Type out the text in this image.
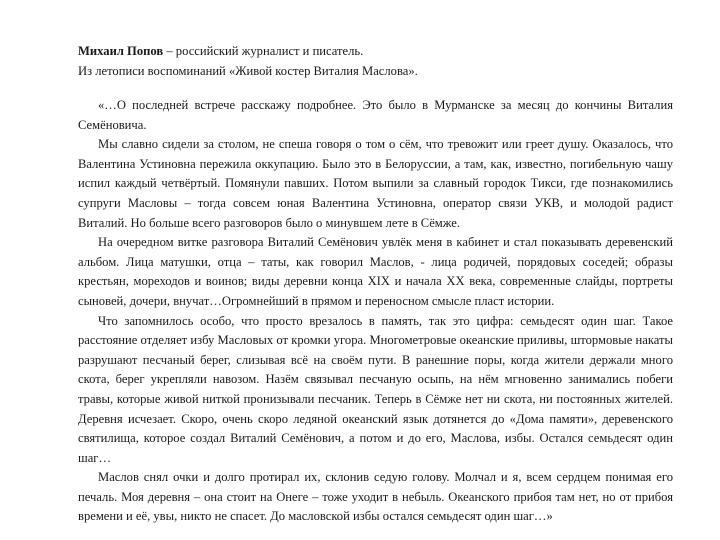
Михаил Попов – российский журналист и писатель.
Из летописи воспоминаний «Живой костер Виталия Маслова».

«…О последней встрече расскажу подробнее. Это было в Мурманске за месяц до кончины Виталия Семёновича.

Мы славно сидели за столом, не спеша говоря о том о сём, что тревожит или греет душу. Оказалось, что Валентина Устиновна пережила оккупацию. Было это в Белоруссии, а там, как, известно, погибельную чашу испил каждый четвёртый. Помянули павших. Потом выпили за славный городок Тикси, где познакомились супруги Масловы – тогда совсем юная Валентина Устиновна, оператор связи УКВ, и молодой радист Виталий. Но больше всего разговоров было о минувшем лете в Сёмже.

На очередном витке разговора Виталий Семёнович увлёк меня в кабинет и стал показывать деревенский альбом. Лица матушки, отца – таты, как говорил Маслов, - лица родичей, порядовых соседей; образы крестьян, мореходов и воинов; виды деревни конца XIX и начала XX века, современные слайды, портреты сыновей, дочери, внучат…Огромнейший в прямом и переносном смысле пласт истории.

Что запомнилось особо, что просто врезалось в память, так это цифра: семьдесят один шаг. Такое расстояние отделяет избу Масловых от кромки угора. Многометровые океанские приливы, штормовые накаты разрушают песчаный берег, слизывая всё на своём пути. В ранешние поры, когда жители держали много скота, берег укрепляли навозом. Назём связывал песчаную осыпь, на нём мгновенно занимались побеги травы, которые живой ниткой пронизывали песчаник. Теперь в Сёмже нет ни скота, ни постоянных жителей. Деревня исчезает. Скоро, очень скоро ледяной океанский язык дотянется до «Дома памяти», деревенского святилища, которое создал Виталий Семёнович, а потом и до его, Маслова, избы. Остался семьдесят один шаг…

Маслов снял очки и долго протирал их, склонив седую голову. Молчал и я, всем сердцем понимая его печаль. Моя деревня – она стоит на Онеге – тоже уходит в небыль. Океанского прибоя там нет, но от прибоя времени и её, увы, никто не спасет. До масловской избы остался семьдесят один шаг…»
